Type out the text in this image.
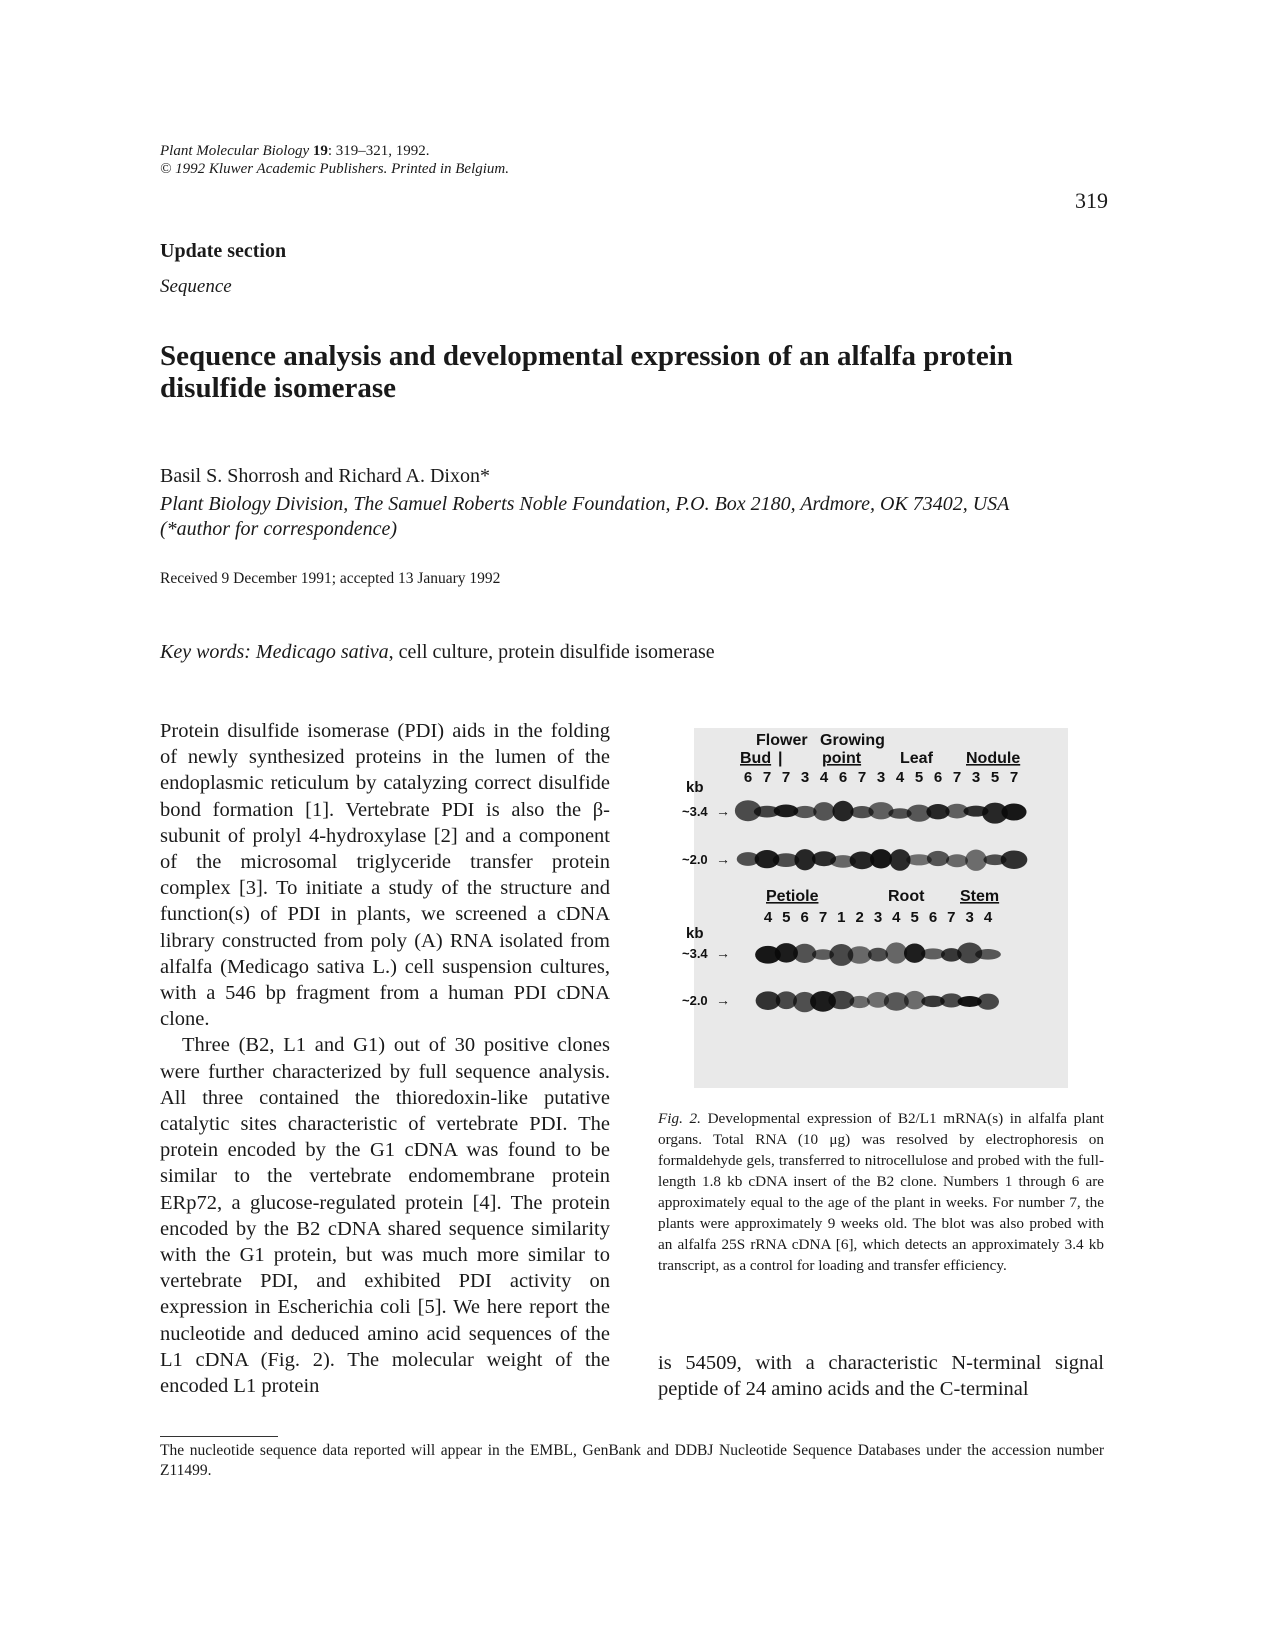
Plant Molecular Biology 19: 319–321, 1992.
© 1992 Kluwer Academic Publishers. Printed in Belgium.
319
Update section
Sequence
Sequence analysis and developmental expression of an alfalfa protein disulfide isomerase
Basil S. Shorrosh and Richard A. Dixon*
Plant Biology Division, The Samuel Roberts Noble Foundation, P.O. Box 2180, Ardmore, OK 73402, USA (*author for correspondence)
Received 9 December 1991; accepted 13 January 1992
Key words: Medicago sativa, cell culture, protein disulfide isomerase

Protein disulfide isomerase (PDI) aids in the folding of newly synthesized proteins in the lumen of the endoplasmic reticulum by catalyzing correct disulfide bond formation [1]. Vertebrate PDI is also the β-subunit of prolyl 4-hydroxylase [2] and a component of the microsomal triglyceride transfer protein complex [3]. To initiate a study of the structure and function(s) of PDI in plants, we screened a cDNA library constructed from poly (A) RNA isolated from alfalfa (Medicago sativa L.) cell suspension cultures, with a 546 bp fragment from a human PDI cDNA clone.

Three (B2, L1 and G1) out of 30 positive clones were further characterized by full sequence analysis. All three contained the thioredoxin-like putative catalytic sites characteristic of vertebrate PDI. The protein encoded by the G1 cDNA was found to be similar to the vertebrate endomembrane protein ERp72, a glucose-regulated protein [4]. The protein encoded by the B2 cDNA shared sequence similarity with the G1 protein, but was much more similar to vertebrate PDI, and exhibited PDI activity on expression in Escherichia coli [5]. We here report the nucleotide and deduced amino acid sequences of the L1 cDNA (Fig. 2). The molecular weight of the encoded L1 protein

Flower Growing
Bud | point Leaf Nodule
6 7 7 3 4 6 7 3 4 5 6 7 3 5 7
kb
~3.4
~2.0
→
→
Petiole	Root Stem
4 5 6 7 1 2 3 4 5 6 7 3 4
kb
~3.4
~2.0
→
→
Fig. 2. Developmental expression of B2/L1 mRNA(s) in alfalfa plant organs. Total RNA (10 μg) was resolved by electrophoresis on formaldehyde gels, transferred to nitrocellulose and probed with the full-length 1.8 kb cDNA insert of the B2 clone. Numbers 1 through 6 are approximately equal to the age of the plant in weeks. For number 7, the plants were approximately 9 weeks old. The blot was also probed with an alfalfa 25S rRNA cDNA [6], which detects an approximately 3.4 kb transcript, as a control for loading and transfer efficiency.

is 54509, with a characteristic N-terminal signal peptide of 24 amino acids and the C-terminal

The nucleotide sequence data reported will appear in the EMBL, GenBank and DDBJ Nucleotide Sequence Databases under the accession number Z11499.
